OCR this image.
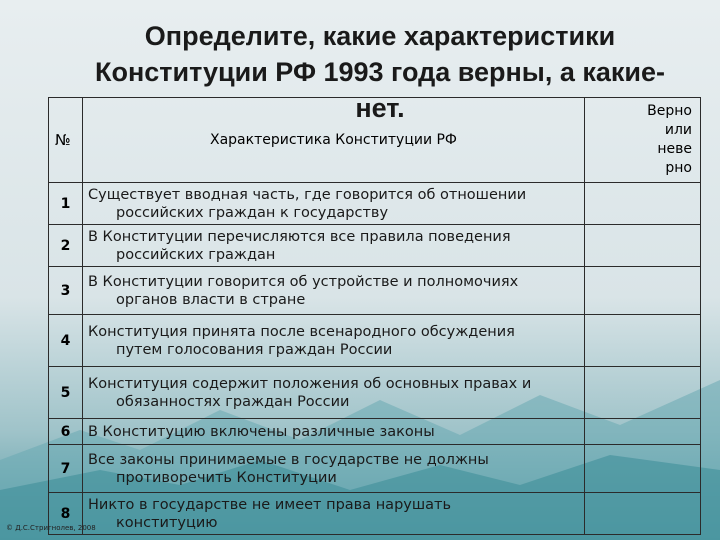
Определите, какие характеристики
Конституции РФ 1993 года верны, а какие-
нет.
№	Характеристика Конституции РФ	Верно
или
неве
рно

1	Существует вводная часть, где говорится об отношении
российских граждан к государству	

2	В Конституции перечисляются все правила поведения
российских граждан	

3	В Конституции говорится об устройстве и полномочиях
органов власти в стране	

4	Конституция принята после всенародного обсуждения
путем голосования граждан России	

5	Конституция содержит положения об основных правах и
обязанностях граждан России	

6	В Конституцию включены различные законы	
7	Все законы принимаемые в государстве не должны
противоречить Конституции	

8	Никто в государстве не имеет права нарушать
конституцию	

© Д.С.Стригнолев, 2008
